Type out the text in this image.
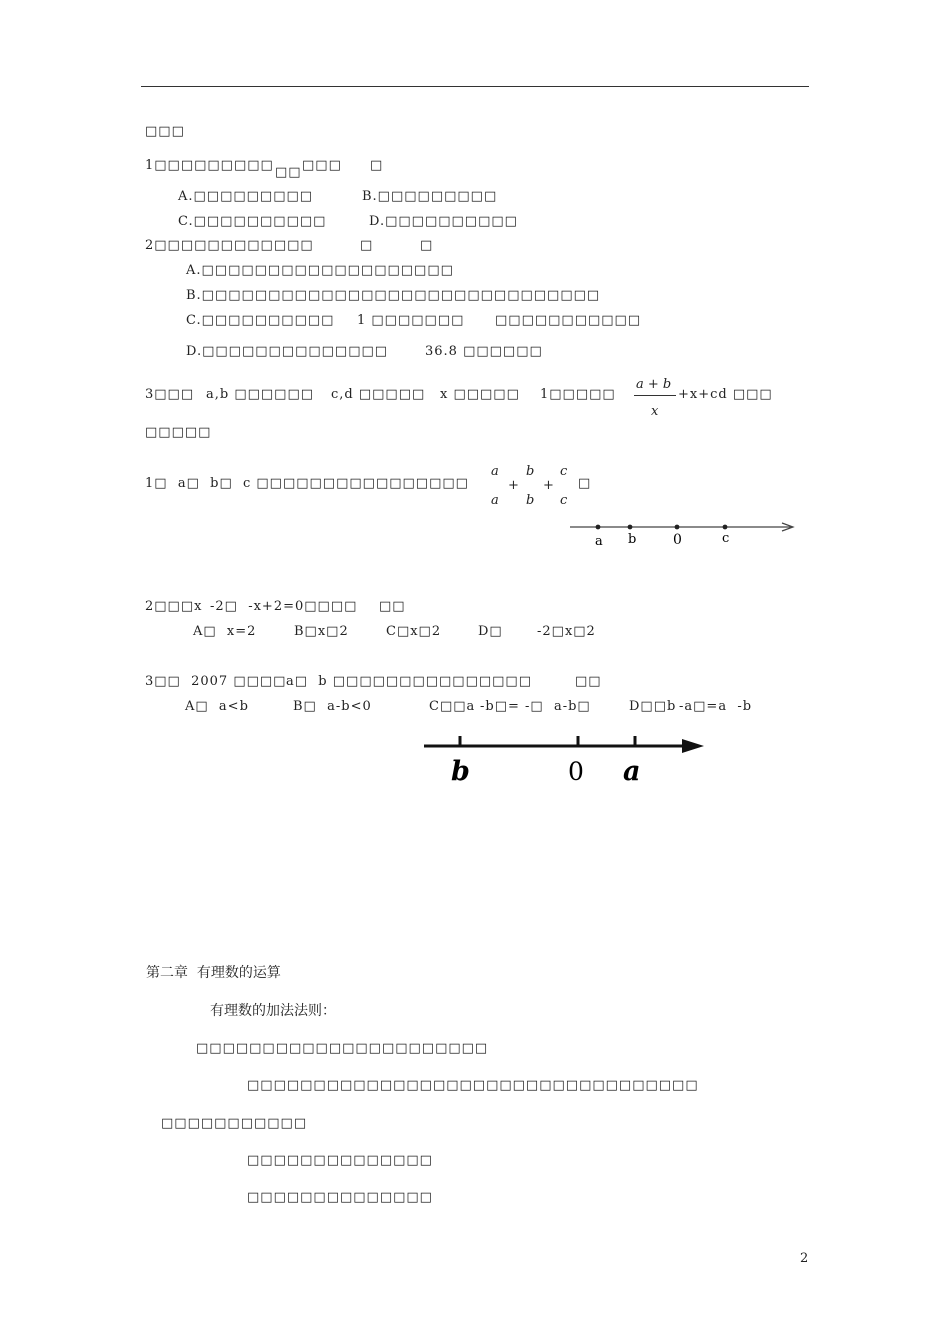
□□□
1□□□□□□□□□ □□ □□□ □
A.□□□□□□□□□	B.□□□□□□□□□
C.□□□□□□□□□□	D.□□□□□□□□□□
2□□□□□□□□□□□□	□	□
A.□□□□□□□□□□□□□□□□□□□
B.□□□□□□□□□□□□□□□□□□□□□□□□□□□□□□
C.□□□□□□□□□□ 1 □□□□□□□ □□□□□□□□□□□
D.□□□□□□□□□□□□□□	36.8 □□□□□□
3□□□ a,b □□□□□□ c,d □□□□□ x □□□□□ 1□□□□□
a + b
x
+x+cd □□□
□□□□□
1□  a□  b□  c □□□□□□□□□□□□□□□□
a
a
+
b
b
+
c
c
□
a b	0	c
2□□□x -2□  -x+2=0□□□□ □□
A□  x=2	B□x□2	C□x□2	D□	-2□x□2
3□□  2007 □□□□ a□  b □□□□□□□□□□□□□□□	□□
A□  a<b	B□  a-b<0	C□□a -b□= -□  a-b□	D□□b -a□=a  -b
b	0 a
第二章  有理数的运算
有理数的加法法则：
□□□□□□□□□□□□□□□□□□□□□□
□□□□□□□□□□□□□□□□□□□□□□□□□□□□□□□□□□
□□□□□□□□□□□
□□□□□□□□□□□□□□
□□□□□□□□□□□□□□
2
